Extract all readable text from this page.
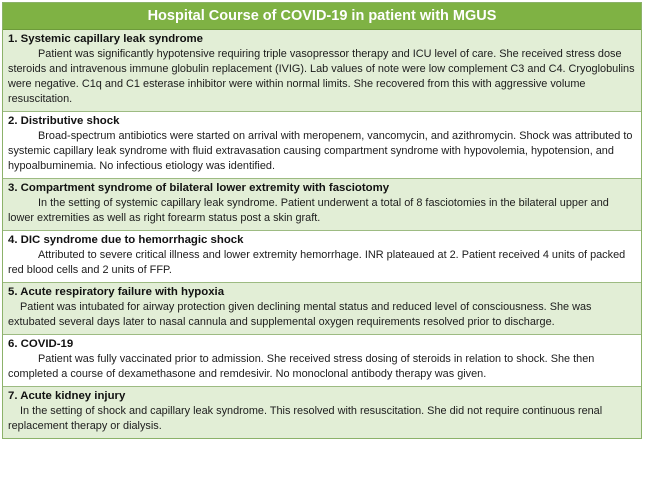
Hospital Course of COVID-19 in patient with MGUS
1. Systemic capillary leak syndrome

Patient was significantly hypotensive requiring triple vasopressor therapy and ICU level of care. She received stress dose steroids and intravenous immune globulin replacement (IVIG). Lab values of note were low complement C3 and C4. Cryoglobulins were negative. C1q and C1 esterase inhibitor were within normal limits. She recovered from this with aggressive volume resuscitation.

2. Distributive shock

Broad-spectrum antibiotics were started on arrival with meropenem, vancomycin, and azithromycin. Shock was attributed to systemic capillary leak syndrome with fluid extravasation causing compartment syndrome with hypovolemia, hypotension, and hypoalbuminemia. No infectious etiology was identified.

3. Compartment syndrome of bilateral lower extremity with fasciotomy

In the setting of systemic capillary leak syndrome. Patient underwent a total of 8 fasciotomies in the bilateral upper and lower extremities as well as right forearm status post a skin graft.

4. DIC syndrome due to hemorrhagic shock

Attributed to severe critical illness and lower extremity hemorrhage. INR plateaued at 2. Patient received 4 units of packed red blood cells and 2 units of FFP.

5. Acute respiratory failure with hypoxia

Patient was intubated for airway protection given declining mental status and reduced level of consciousness. She was extubated several days later to nasal cannula and supplemental oxygen requirements resolved prior to discharge.

6. COVID-19

Patient was fully vaccinated prior to admission. She received stress dosing of steroids in relation to shock. She then completed a course of dexamethasone and remdesivir. No monoclonal antibody therapy was given.

7. Acute kidney injury

In the setting of shock and capillary leak syndrome. This resolved with resuscitation. She did not require continuous renal replacement therapy or dialysis.
